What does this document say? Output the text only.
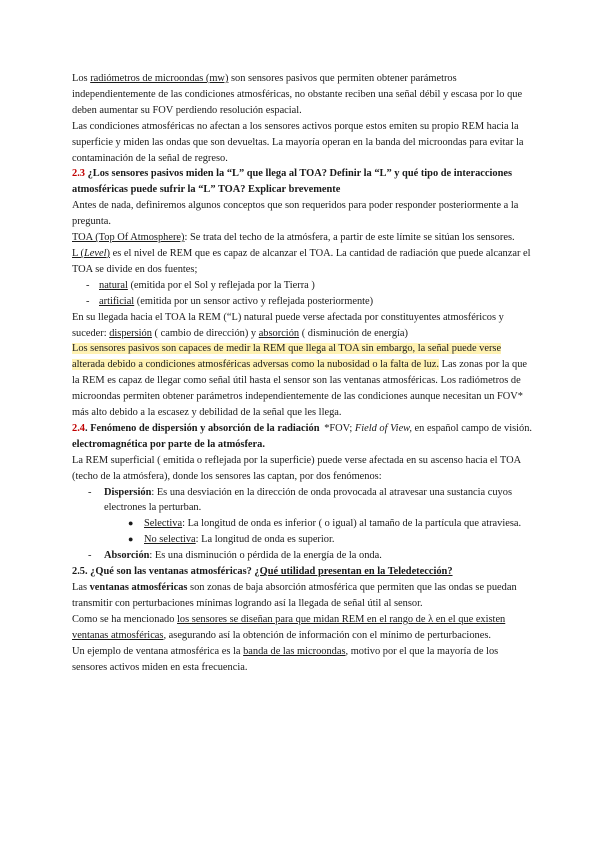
Los radiómetros de microondas (mw) son sensores pasivos que permiten obtener parámetros independientemente de las condiciones atmosféricas, no obstante reciben una señal débil y escasa por lo que deben aumentar su FOV perdiendo resolución espacial.

Las condiciones atmosféricas no afectan a los sensores activos porque estos emiten su propio REM hacia la superficie y miden las ondas que son devueltas. La mayoría operan en la banda del microondas para evitar la contaminación de la señal de regreso.

2.3 ¿Los sensores pasivos miden la “L” que llega al TOA? Definir la “L” y qué tipo de interacciones atmosféricas puede sufrir la “L” TOA? Explicar brevemente

Antes de nada, definiremos algunos conceptos que son requeridos para poder responder posteriormente a la pregunta.

TOA (Top Of Atmosphere): Se trata del techo de la atmósfera, a partir de este límite se sitúan los sensores.

L (Level) es el nivel de REM que es capaz de alcanzar el TOA. La cantidad de radiación que puede alcanzar el TOA se divide en dos fuentes;

- natural (emitida por el Sol y reflejada por la Tierra )
- artificial (emitida por un sensor activo y reflejada posteriormente)

En su llegada hacia el TOA la REM (“L) natural puede verse afectada por constituyentes atmosféricos y suceder: dispersión ( cambio de dirección) y absorción ( disminución de energía)

Los sensores pasivos son capaces de medir la REM que llega al TOA sin embargo, la señal puede verse alterada debido a condiciones atmosféricas adversas como la nubosidad o la falta de luz. Las zonas por la que la REM es capaz de llegar como señal útil hasta el sensor son las ventanas atmosféricas. Los radiómetros de microondas permiten obtener parámetros independientemente de las condiciones aunque necesitan un FOV* más alto debido a la escasez y debilidad de la señal que les llega.
*FOV; Field of View, en español campo de visión.

2.4. Fenómeno de dispersión y absorción de la radiación electromagnética por parte de la atmósfera.

La REM superficial ( emitida o reflejada por la superficie) puede verse afectada en su ascenso hacia el TOA (techo de la atmósfera), donde los sensores las captan, por dos fenómenos:

- Dispersión: Es una desviación en la dirección de onda provocada al atravesar una sustancia cuyos electrones la perturban.
● Selectiva: La longitud de onda es inferior ( o igual) al tamaño de la partícula que atraviesa.
● No selectiva: La longitud de onda es superior.
- Absorción: Es una disminución o pérdida de la energía de la onda.

2.5. ¿Qué son las ventanas atmosféricas? ¿Qué utilidad presentan en la Teledetección?

Las ventanas atmosféricas son zonas de baja absorción atmosférica que permiten que las ondas se puedan transmitir con perturbaciones mínimas logrando así la llegada de señal útil al sensor.

Como se ha mencionado los sensores se diseñan para que midan REM en el rango de λ en el que existen ventanas atmosféricas, asegurando así la obtención de información con el mínimo de perturbaciones.

Un ejemplo de ventana atmosférica es la banda de las microondas, motivo por el que la mayoría de los sensores activos miden en esta frecuencia.
